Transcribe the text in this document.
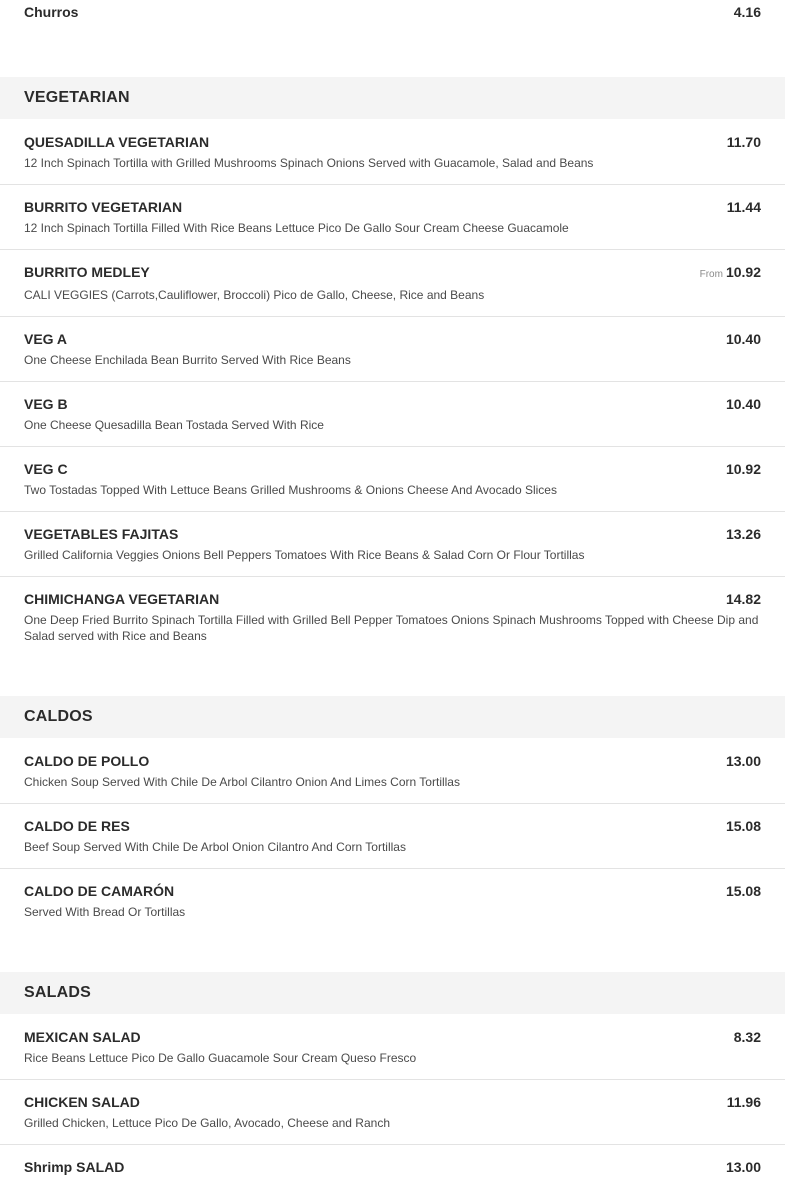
Churros	4.16
VEGETARIAN
QUESADILLA VEGETARIAN	11.70
12 Inch Spinach Tortilla with Grilled Mushrooms Spinach Onions Served with Guacamole, Salad and Beans
BURRITO VEGETARIAN	11.44
12 Inch Spinach Tortilla Filled With Rice Beans Lettuce Pico De Gallo Sour Cream Cheese Guacamole
BURRITO MEDLEY	From 10.92
CALI VEGGIES (Carrots,Cauliflower, Broccoli) Pico de Gallo, Cheese, Rice and Beans
VEG A	10.40
One Cheese Enchilada Bean Burrito Served With Rice Beans
VEG B	10.40
One Cheese Quesadilla Bean Tostada Served With Rice
VEG C	10.92
Two Tostadas Topped With Lettuce Beans Grilled Mushrooms & Onions Cheese And Avocado Slices
VEGETABLES FAJITAS	13.26
Grilled California Veggies Onions Bell Peppers Tomatoes With Rice Beans & Salad Corn Or Flour Tortillas
CHIMICHANGA VEGETARIAN	14.82
One Deep Fried Burrito Spinach Tortilla Filled with Grilled Bell Pepper Tomatoes Onions Spinach Mushrooms Topped with Cheese Dip and Salad served with Rice and Beans
CALDOS
CALDO DE POLLO	13.00
Chicken Soup Served With Chile De Arbol Cilantro Onion And Limes Corn Tortillas
CALDO DE RES	15.08
Beef Soup Served With Chile De Arbol Onion Cilantro And Corn Tortillas
CALDO DE CAMARÓN	15.08
Served With Bread Or Tortillas
SALADS
MEXICAN SALAD	8.32
Rice Beans Lettuce Pico De Gallo Guacamole Sour Cream Queso Fresco
CHICKEN SALAD	11.96
Grilled Chicken, Lettuce Pico De Gallo, Avocado, Cheese and Ranch
Shrimp SALAD	13.00
